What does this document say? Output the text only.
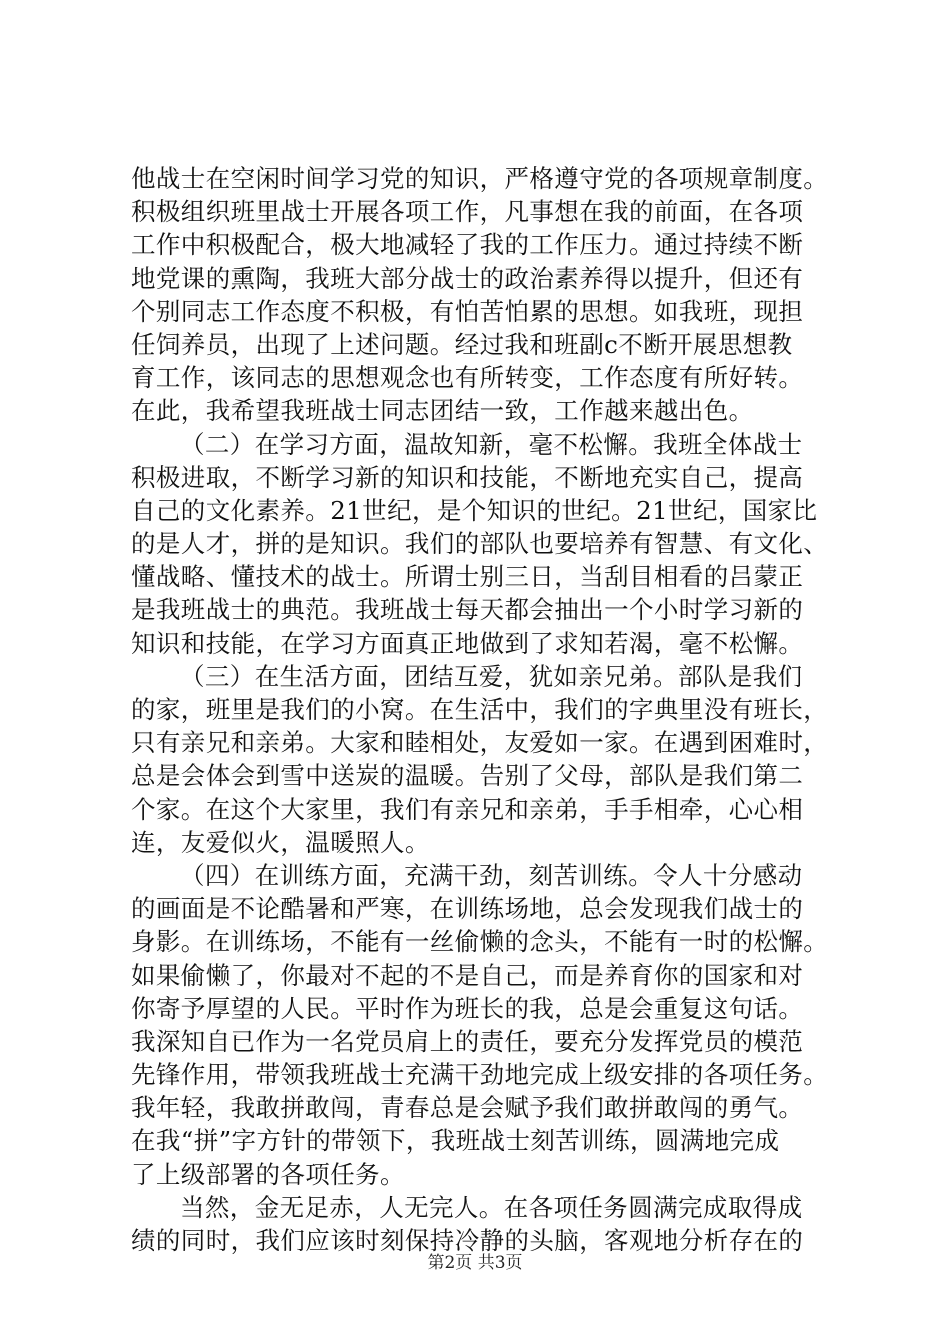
他战士在空闲时间学习党的知识，严格遵守党的各项规章制度。
积极组织班里战士开展各项工作，凡事想在我的前面，在各项
工作中积极配合，极大地减轻了我的工作压力。通过持续不断
地党课的熏陶，我班大部分战士的政治素养得以提升，但还有
个别同志工作态度不积极，有怕苦怕累的思想。如我班，现担
任饲养员，出现了上述问题。经过我和班副c不断开展思想教
育工作，该同志的思想观念也有所转变，工作态度有所好转。
在此，我希望我班战士同志团结一致，工作越来越出色。
（二）在学习方面，温故知新，毫不松懈。我班全体战士
积极进取，不断学习新的知识和技能，不断地充实自己，提高
自己的文化素养。21世纪，是个知识的世纪。21世纪，国家比
的是人才，拼的是知识。我们的部队也要培养有智慧、有文化、
懂战略、懂技术的战士。所谓士别三日，当刮目相看的吕蒙正
是我班战士的典范。我班战士每天都会抽出一个小时学习新的
知识和技能，在学习方面真正地做到了求知若渴，毫不松懈。
（三）在生活方面，团结互爱，犹如亲兄弟。部队是我们
的家，班里是我们的小窝。在生活中，我们的字典里没有班长，
只有亲兄和亲弟。大家和睦相处，友爱如一家。在遇到困难时，
总是会体会到雪中送炭的温暖。告别了父母，部队是我们第二
个家。在这个大家里，我们有亲兄和亲弟，手手相牵，心心相
连，友爱似火，温暖照人。
（四）在训练方面，充满干劲，刻苦训练。令人十分感动
的画面是不论酷暑和严寒，在训练场地，总会发现我们战士的
身影。在训练场，不能有一丝偷懒的念头，不能有一时的松懈。
如果偷懒了，你最对不起的不是自己，而是养育你的国家和对
你寄予厚望的人民。平时作为班长的我，总是会重复这句话。
我深知自已作为一名党员肩上的责任，要充分发挥党员的模范
先锋作用，带领我班战士充满干劲地完成上级安排的各项任务。
我年轻，我敢拼敢闯，青春总是会赋予我们敢拼敢闯的勇气。
在我“拼”字方针的带领下，我班战士刻苦训练，圆满地完成
了上级部署的各项任务。
当然，金无足赤，人无完人。在各项任务圆满完成取得成
绩的同时，我们应该时刻保持冷静的头脑，客观地分析存在的
第2页 共3页
